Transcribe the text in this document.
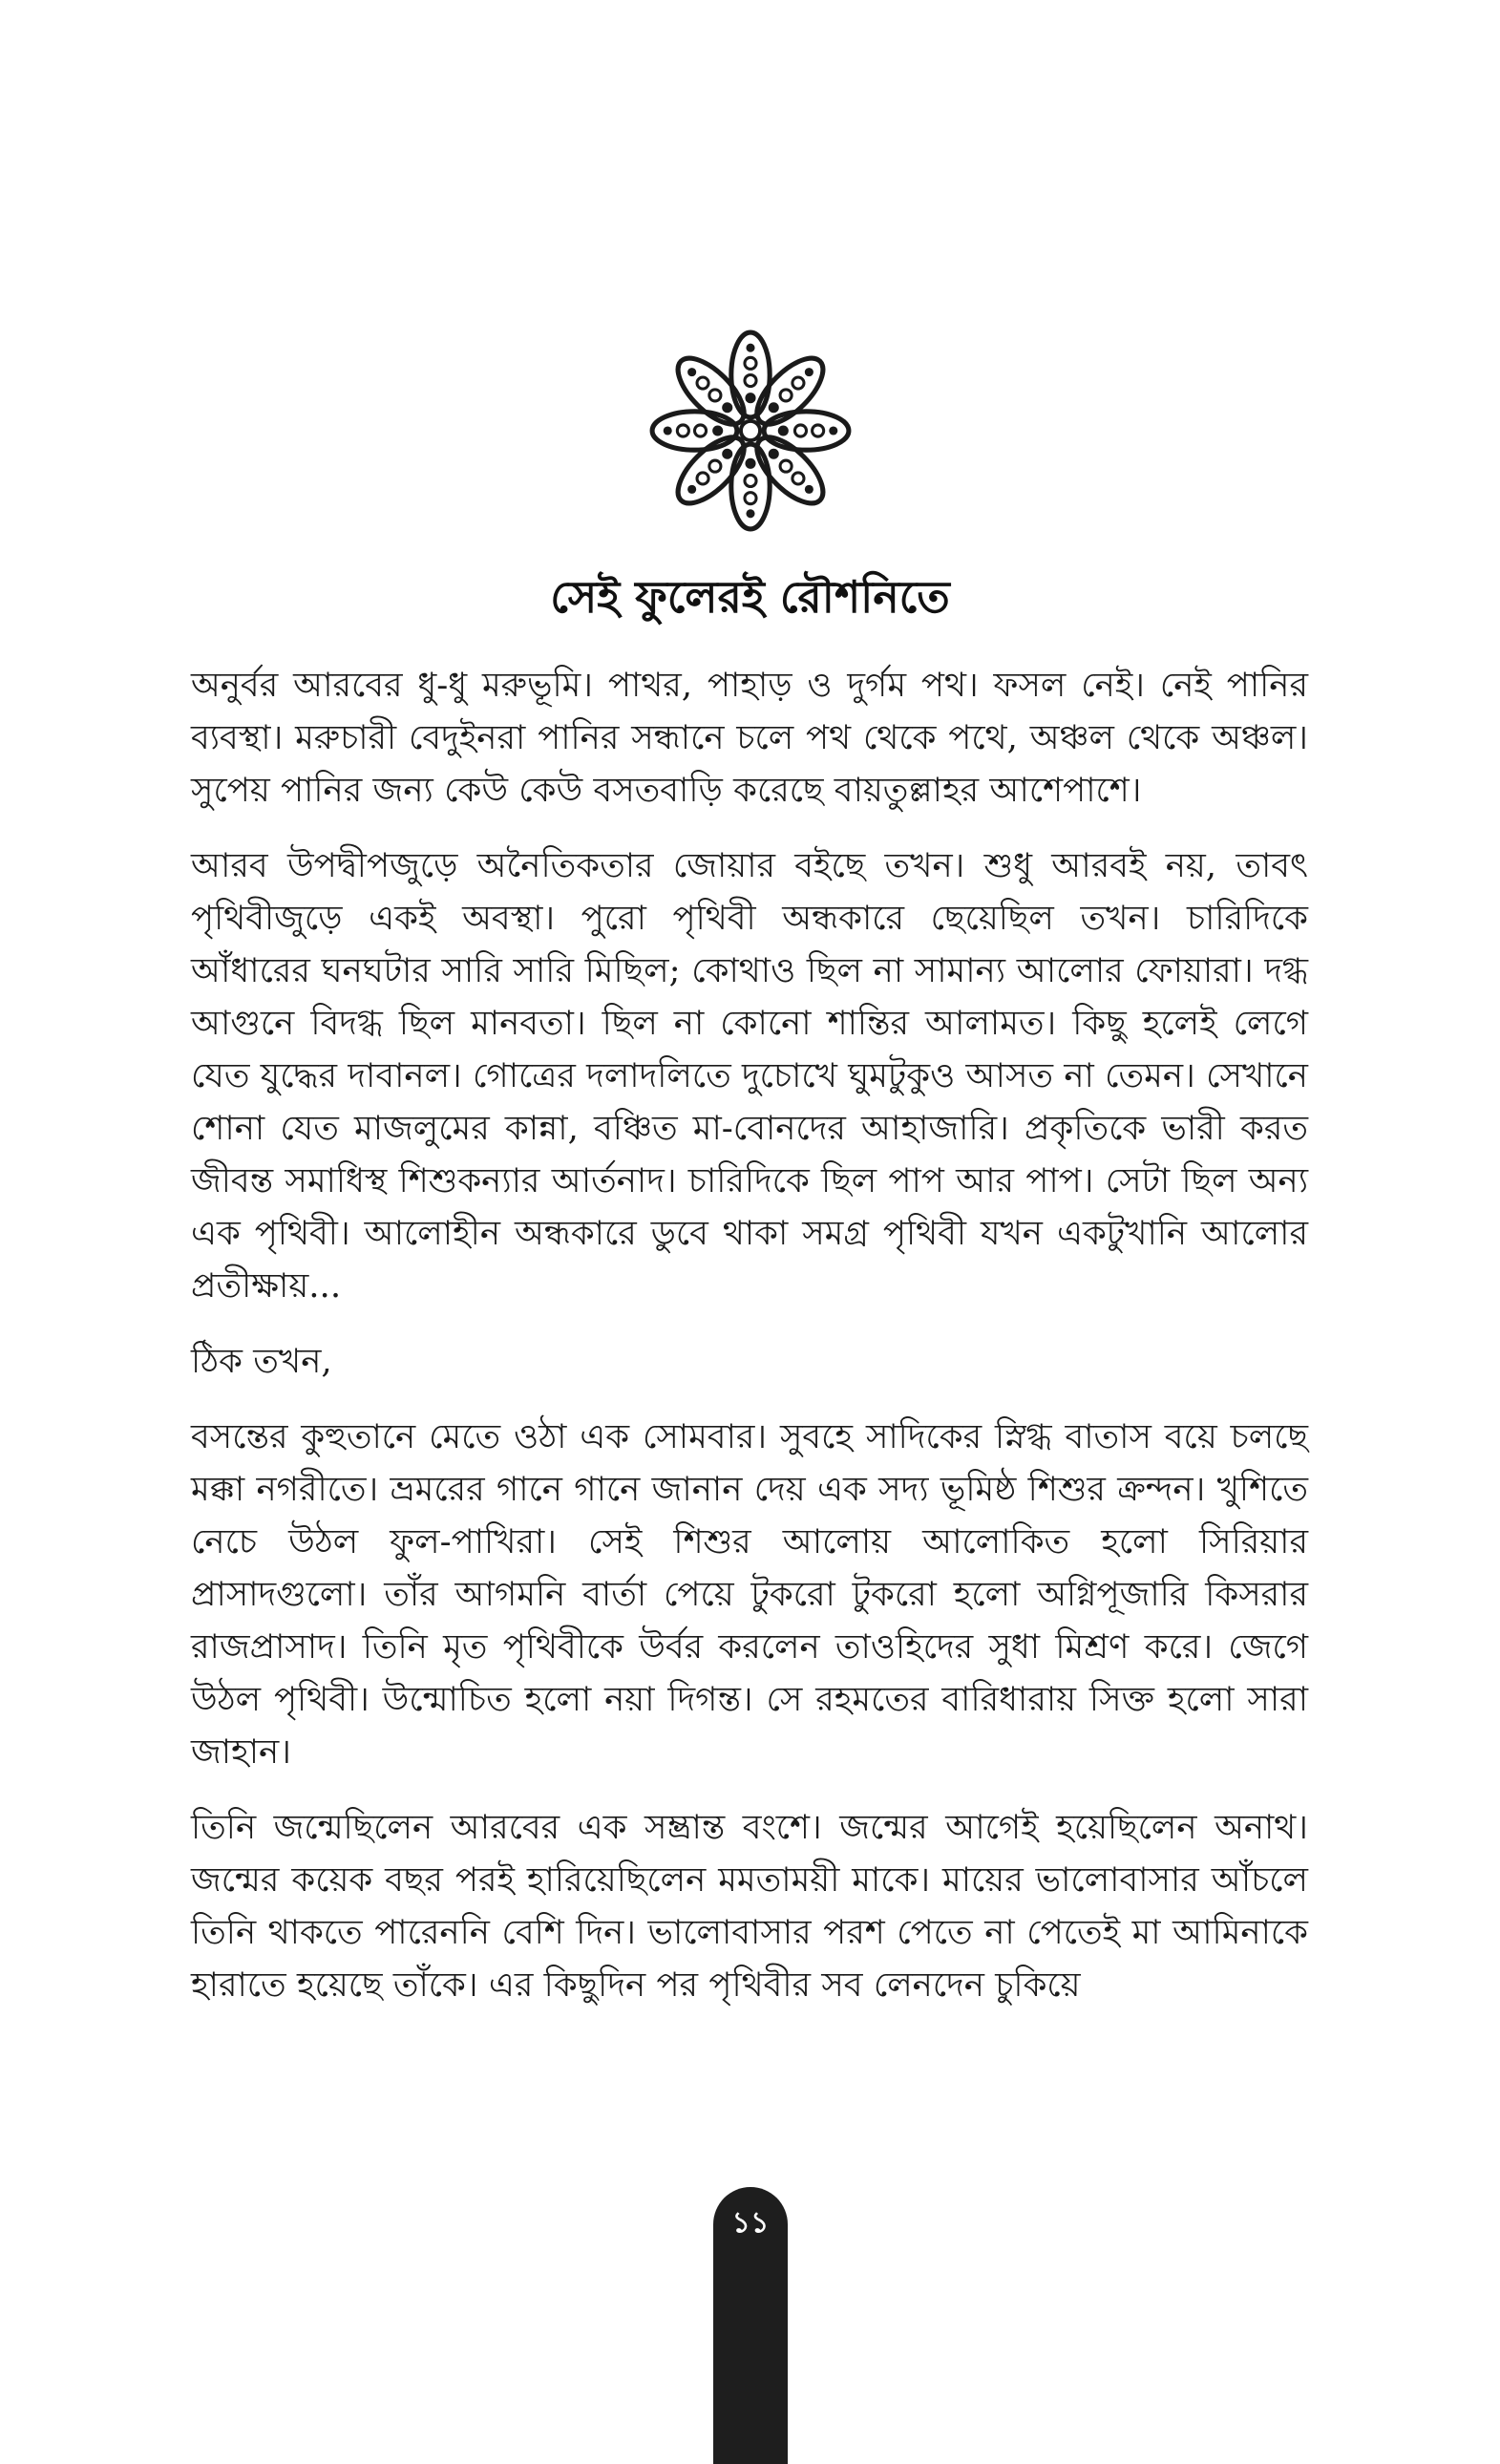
সেই ফুলেরই রৌশনিতে

অনুর্বর আরবের ধু-ধু মরুভূমি। পাথর, পাহাড় ও দুর্গম পথ। ফসল নেই। নেই পানির ব্যবস্থা। মরুচারী বেদুইনরা পানির সন্ধানে চলে পথ থেকে পথে, অঞ্চল থেকে অঞ্চল। সুপেয় পানির জন্য কেউ কেউ বসতবাড়ি করেছে বায়তুল্লাহর আশেপাশে।

আরব উপদ্বীপজুড়ে অনৈতিকতার জোয়ার বইছে তখন। শুধু আরবই নয়, তাবৎ পৃথিবীজুড়ে একই অবস্থা। পুরো পৃথিবী অন্ধকারে ছেয়েছিল তখন। চারিদিকে আঁধারের ঘনঘটার সারি সারি মিছিল; কোথাও ছিল না সামান্য আলোর ফোয়ারা। দগ্ধ আগুনে বিদগ্ধ ছিল মানবতা। ছিল না কোনো শান্তির আলামত। কিছু হলেই লেগে যেত যুদ্ধের দাবানল। গোত্রের দলাদলিতে দুচোখে ঘুমটুকুও আসত না তেমন। সেখানে শোনা যেত মাজলুমের কান্না, বঞ্চিত মা-বোনদের আহাজারি। প্রকৃতিকে ভারী করত জীবন্ত সমাধিস্থ শিশুকন্যার আর্তনাদ। চারিদিকে ছিল পাপ আর পাপ। সেটা ছিল অন্য এক পৃথিবী। আলোহীন অন্ধকারে ডুবে থাকা সমগ্র পৃথিবী যখন একটুখানি আলোর প্রতীক্ষায়...

ঠিক তখন,

বসন্তের কুহুতানে মেতে ওঠা এক সোমবার। সুবহে সাদিকের স্নিগ্ধ বাতাস বয়ে চলছে মক্কা নগরীতে। ভ্রমরের গানে গানে জানান দেয় এক সদ্য ভূমিষ্ঠ শিশুর ক্রন্দন। খুশিতে নেচে উঠল ফুল-পাখিরা। সেই শিশুর আলোয় আলোকিত হলো সিরিয়ার প্রাসাদগুলো। তাঁর আগমনি বার্তা পেয়ে টুকরো টুকরো হলো অগ্নিপূজারি কিসরার রাজপ্রাসাদ। তিনি মৃত পৃথিবীকে উর্বর করলেন তাওহিদের সুধা মিশ্রণ করে। জেগে উঠল পৃথিবী। উন্মোচিত হলো নয়া দিগন্ত। সে রহমতের বারিধারায় সিক্ত হলো সারা জাহান।

তিনি জন্মেছিলেন আরবের এক সম্ভ্রান্ত বংশে। জন্মের আগেই হয়েছিলেন অনাথ। জন্মের কয়েক বছর পরই হারিয়েছিলেন মমতাময়ী মাকে। মায়ের ভালোবাসার আঁচলে তিনি থাকতে পারেননি বেশি দিন। ভালোবাসার পরশ পেতে না পেতেই মা আমিনাকে হারাতে হয়েছে তাঁকে। এর কিছুদিন পর পৃথিবীর সব লেনদেন চুকিয়ে

১১
